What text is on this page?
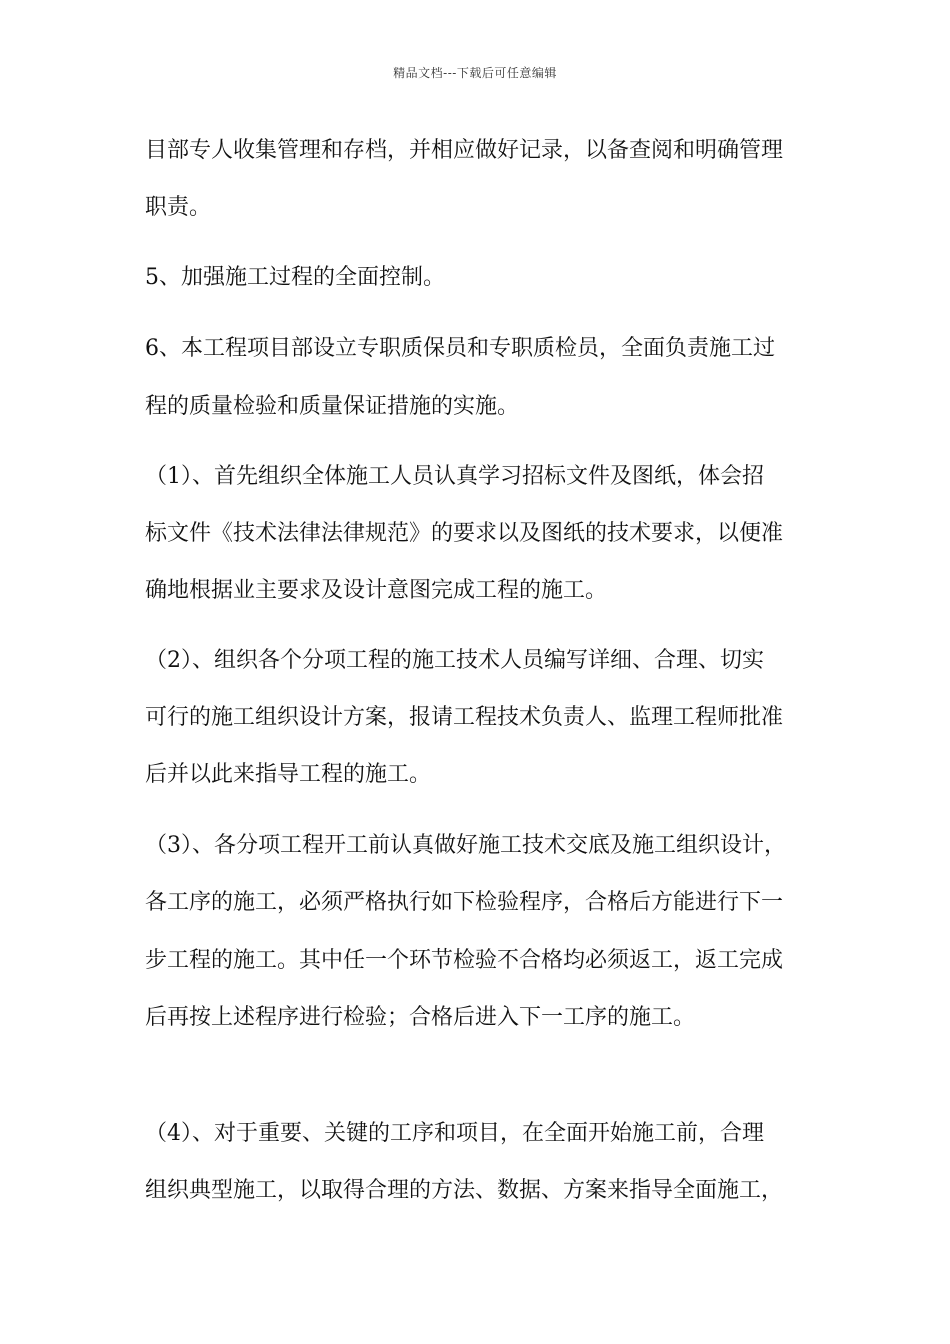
精品文档---下载后可任意编辑
目部专人收集管理和存档，并相应做好记录，以备查阅和明确管理
职责。
5、加强施工过程的全面控制。
6、本工程项目部设立专职质保员和专职质检员，全面负责施工过
程的质量检验和质量保证措施的实施。
（1）、首先组织全体施工人员认真学习招标文件及图纸，体会招
标文件《技术法律法律规范》的要求以及图纸的技术要求，以便准
确地根据业主要求及设计意图完成工程的施工。
（2）、组织各个分项工程的施工技术人员编写详细、合理、切实
可行的施工组织设计方案，报请工程技术负责人、监理工程师批准
后并以此来指导工程的施工。
（3）、各分项工程开工前认真做好施工技术交底及施工组织设计，
各工序的施工，必须严格执行如下检验程序，合格后方能进行下一
步工程的施工。其中任一个环节检验不合格均必须返工，返工完成
后再按上述程序进行检验；合格后进入下一工序的施工。
（4）、对于重要、关键的工序和项目，在全面开始施工前，合理
组织典型施工，以取得合理的方法、数据、方案来指导全面施工，
